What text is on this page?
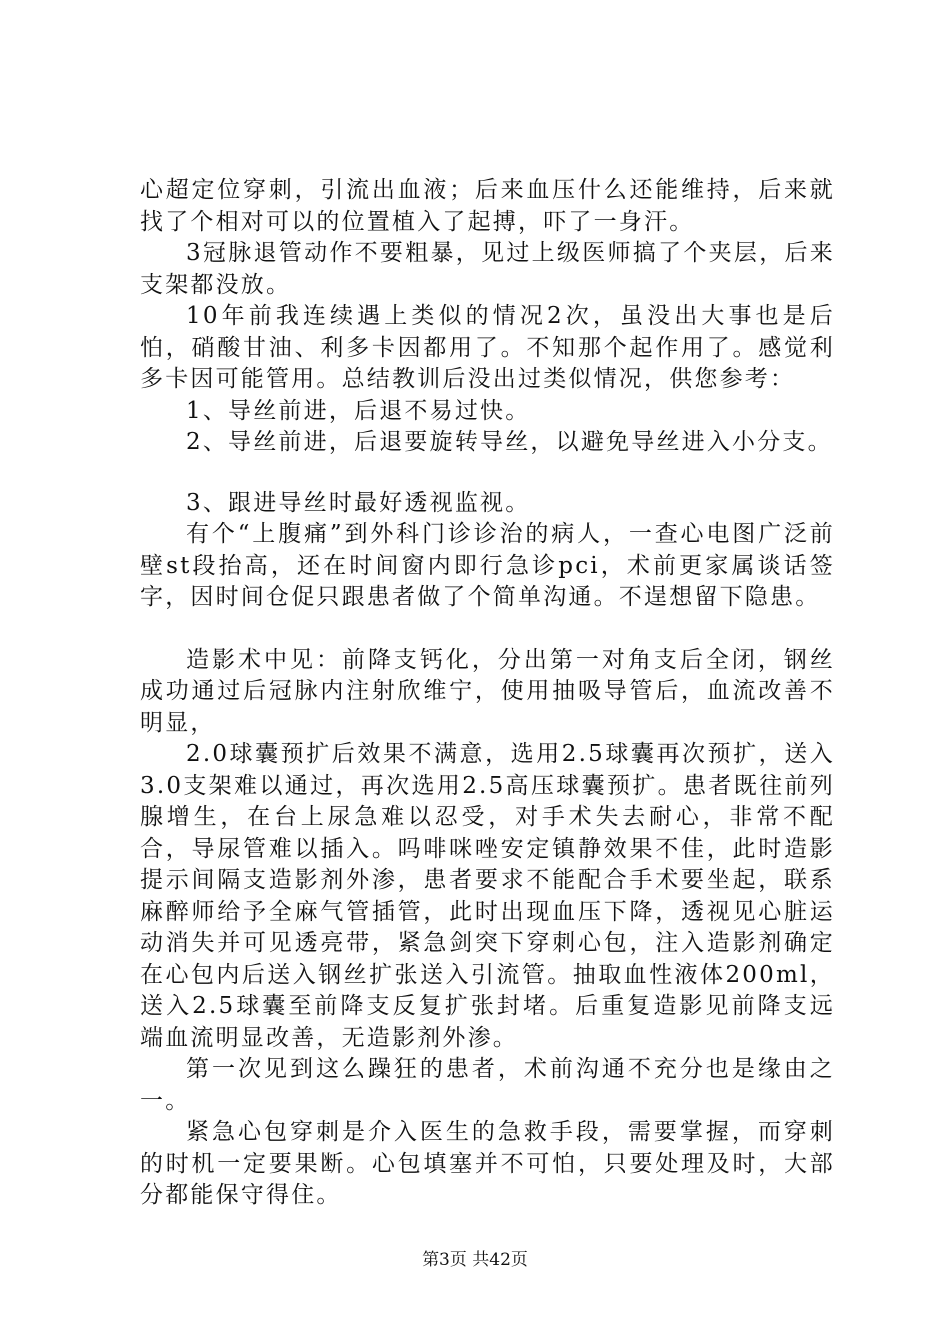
心超定位穿刺，引流出血液；后来血压什么还能维持，后来就找了个相对可以的位置植入了起搏，吓了一身汗。

3冠脉退管动作不要粗暴，见过上级医师搞了个夹层，后来支架都没放。

10年前我连续遇上类似的情况2次，虽没出大事也是后怕，硝酸甘油、利多卡因都用了。不知那个起作用了。感觉利多卡因可能管用。总结教训后没出过类似情况，供您参考：

1、导丝前进，后退不易过快。

2、导丝前进，后退要旋转导丝，以避免导丝进入小分支。

3、跟进导丝时最好透视监视。

有个“上腹痛”到外科门诊诊治的病人，一查心电图广泛前壁st段抬高，还在时间窗内即行急诊pci，术前更家属谈话签字，因时间仓促只跟患者做了个简单沟通。不逞想留下隐患。

造影术中见：前降支钙化，分出第一对角支后全闭，钢丝成功通过后冠脉内注射欣维宁，使用抽吸导管后，血流改善不明显，

2.0球囊预扩后效果不满意，选用2.5球囊再次预扩，送入3.0支架难以通过，再次选用2.5高压球囊预扩。患者既往前列腺增生，在台上尿急难以忍受，对手术失去耐心，非常不配合，导尿管难以插入。吗啡咪唑安定镇静效果不佳，此时造影提示间隔支造影剂外渗，患者要求不能配合手术要坐起，联系麻醉师给予全麻气管插管，此时出现血压下降，透视见心脏运动消失并可见透亮带，紧急剑突下穿刺心包，注入造影剂确定在心包内后送入钢丝扩张送入引流管。抽取血性液体200ml，送入2.5球囊至前降支反复扩张封堵。后重复造影见前降支远端血流明显改善，无造影剂外渗。

第一次见到这么躁狂的患者，术前沟通不充分也是缘由之一。

紧急心包穿刺是介入医生的急救手段，需要掌握，而穿刺的时机一定要果断。心包填塞并不可怕，只要处理及时，大部分都能保守得住。

第3页 共42页
